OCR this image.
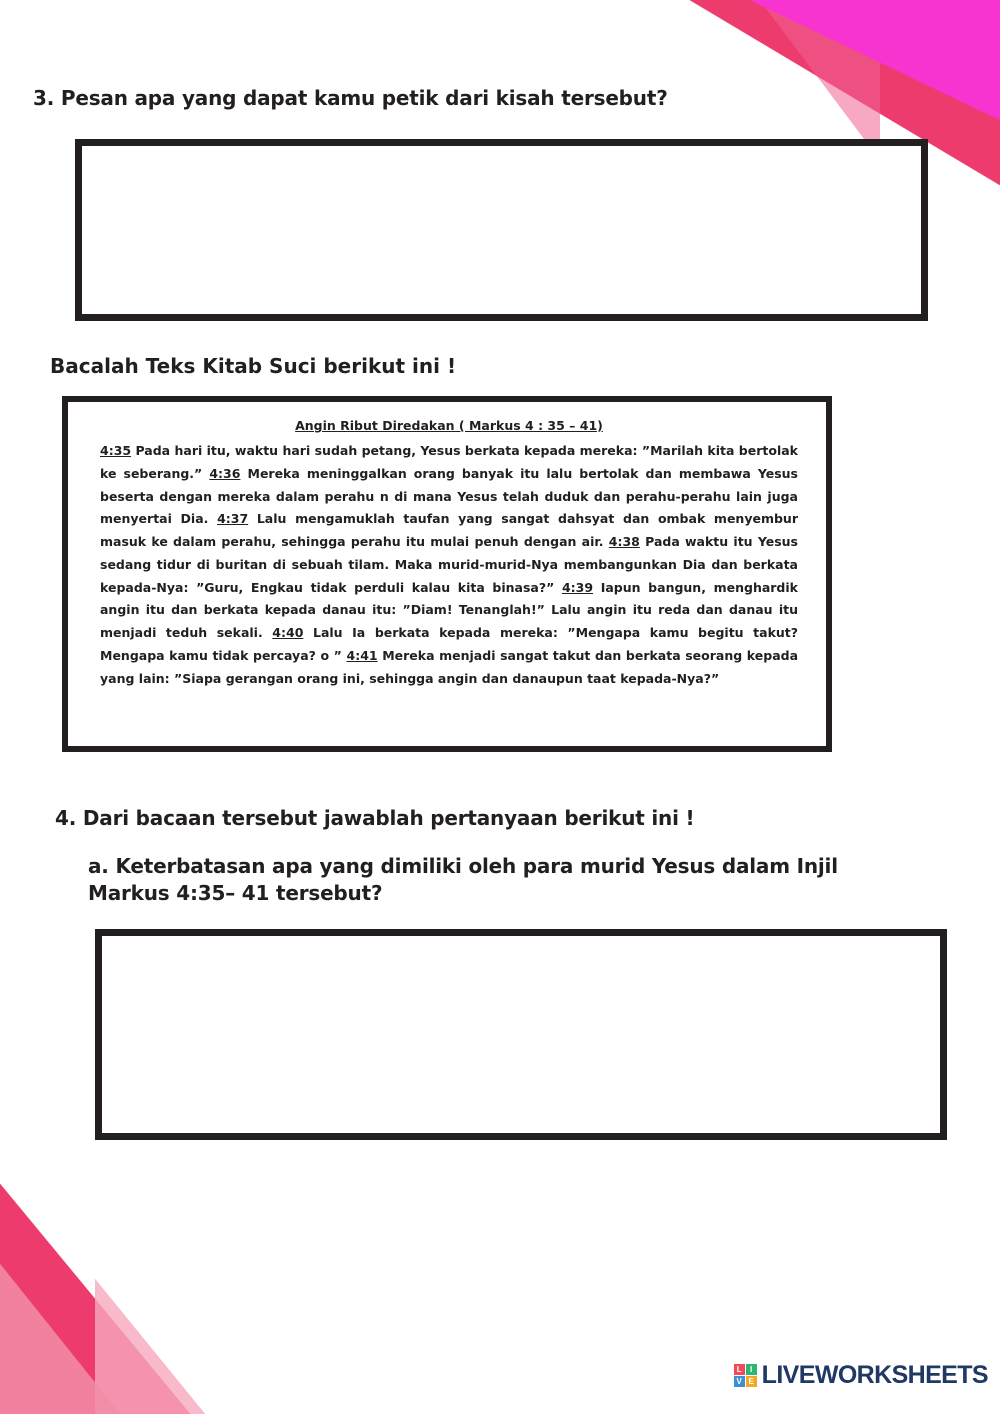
3. Pesan apa yang dapat kamu petik dari kisah tersebut?
Bacalah Teks Kitab Suci berikut ini !
Angin Ribut Diredakan ( Markus 4 : 35 – 41)
4:35 Pada hari itu, waktu hari sudah petang, Yesus berkata kepada mereka: ”Marilah kita bertolak ke seberang.” 4:36 Mereka meninggalkan orang banyak itu lalu bertolak dan membawa Yesus beserta dengan mereka dalam perahu n di mana Yesus telah duduk dan perahu-perahu lain juga menyertai Dia. 4:37 Lalu mengamuklah taufan yang sangat dahsyat dan ombak menyembur masuk ke dalam perahu, sehingga perahu itu mulai penuh dengan air. 4:38 Pada waktu itu Yesus sedang tidur di buritan di sebuah tilam. Maka murid-murid-Nya membangunkan Dia dan berkata kepada-Nya: ”Guru, Engkau tidak perduli kalau kita binasa?” 4:39 Iapun bangun, menghardik angin itu dan berkata kepada danau itu: ”Diam! Tenanglah!” Lalu angin itu reda dan danau itu menjadi teduh sekali. 4:40 Lalu Ia berkata kepada mereka: ”Mengapa kamu begitu takut? Mengapa kamu tidak percaya? o ” 4:41 Mereka menjadi sangat takut dan berkata seorang kepada yang lain: ”Siapa gerangan orang ini, sehingga angin dan danaupun taat kepada-Nya?”
4. Dari bacaan tersebut jawablah pertanyaan berikut ini !
a. Keterbatasan apa yang dimiliki oleh para murid Yesus dalam Injil Markus 4:35– 41 tersebut?
L	I
V E LIVEWORKSHEETS
